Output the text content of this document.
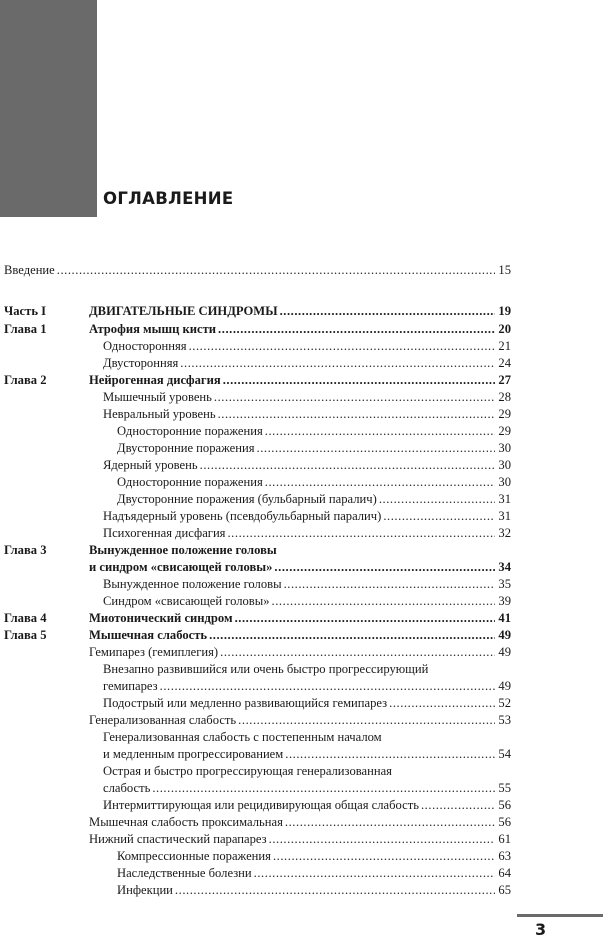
ОГЛАВЛЕНИЕ
Введение . . .	15
Часть I	ДВИГАТЕЛЬНЫЕ СИНДРОМЫ . . .	19
Глава 1	Атрофия мышц кисти . . .	20
Односторонняя . . .	21
Двусторонняя . . .	24
Глава 2	Нейрогенная дисфагия . . .	27
Мышечный уровень . . .	28
Невральный уровень . . .	29
Односторонние поражения . . .	29
Двусторонние поражения . . .	30
Ядерный уровень . . .	30
Односторонние поражения . . .	30
Двусторонние поражения (бульбарный паралич) . . .	31
Надъядерный уровень (псевдобульбарный паралич) . . .	31
Психогенная дисфагия . . .	32
Глава 3	Вынужденное положение головы
и синдром «свисающей головы» . . .	34
Вынужденное положение головы . . .	35
Синдром «свисающей головы» . . .	39
Глава 4	Миотонический синдром . . .	41
Глава 5	Мышечная слабость . . .	49
Гемипарез (гемиплегия) . . .	49
Внезапно развившийся или очень быстро прогрессирующий
гемипарез . . .	49
Подострый или медленно развивающийся гемипарез . . .	52
Генерализованная слабость . . .	53
Генерализованная слабость с постепенным началом
и медленным прогрессированием . . .	54
Острая и быстро прогрессирующая генерализованная
слабость . . .	55
Интермиттирующая или рецидивирующая общая слабость . . .	56
Мышечная слабость проксимальная . . .	56
Нижний спастический парапарез . . .	61
Компрессионные поражения . . .	63
Наследственные болезни . . .	64
Инфекции . . .	65
3
